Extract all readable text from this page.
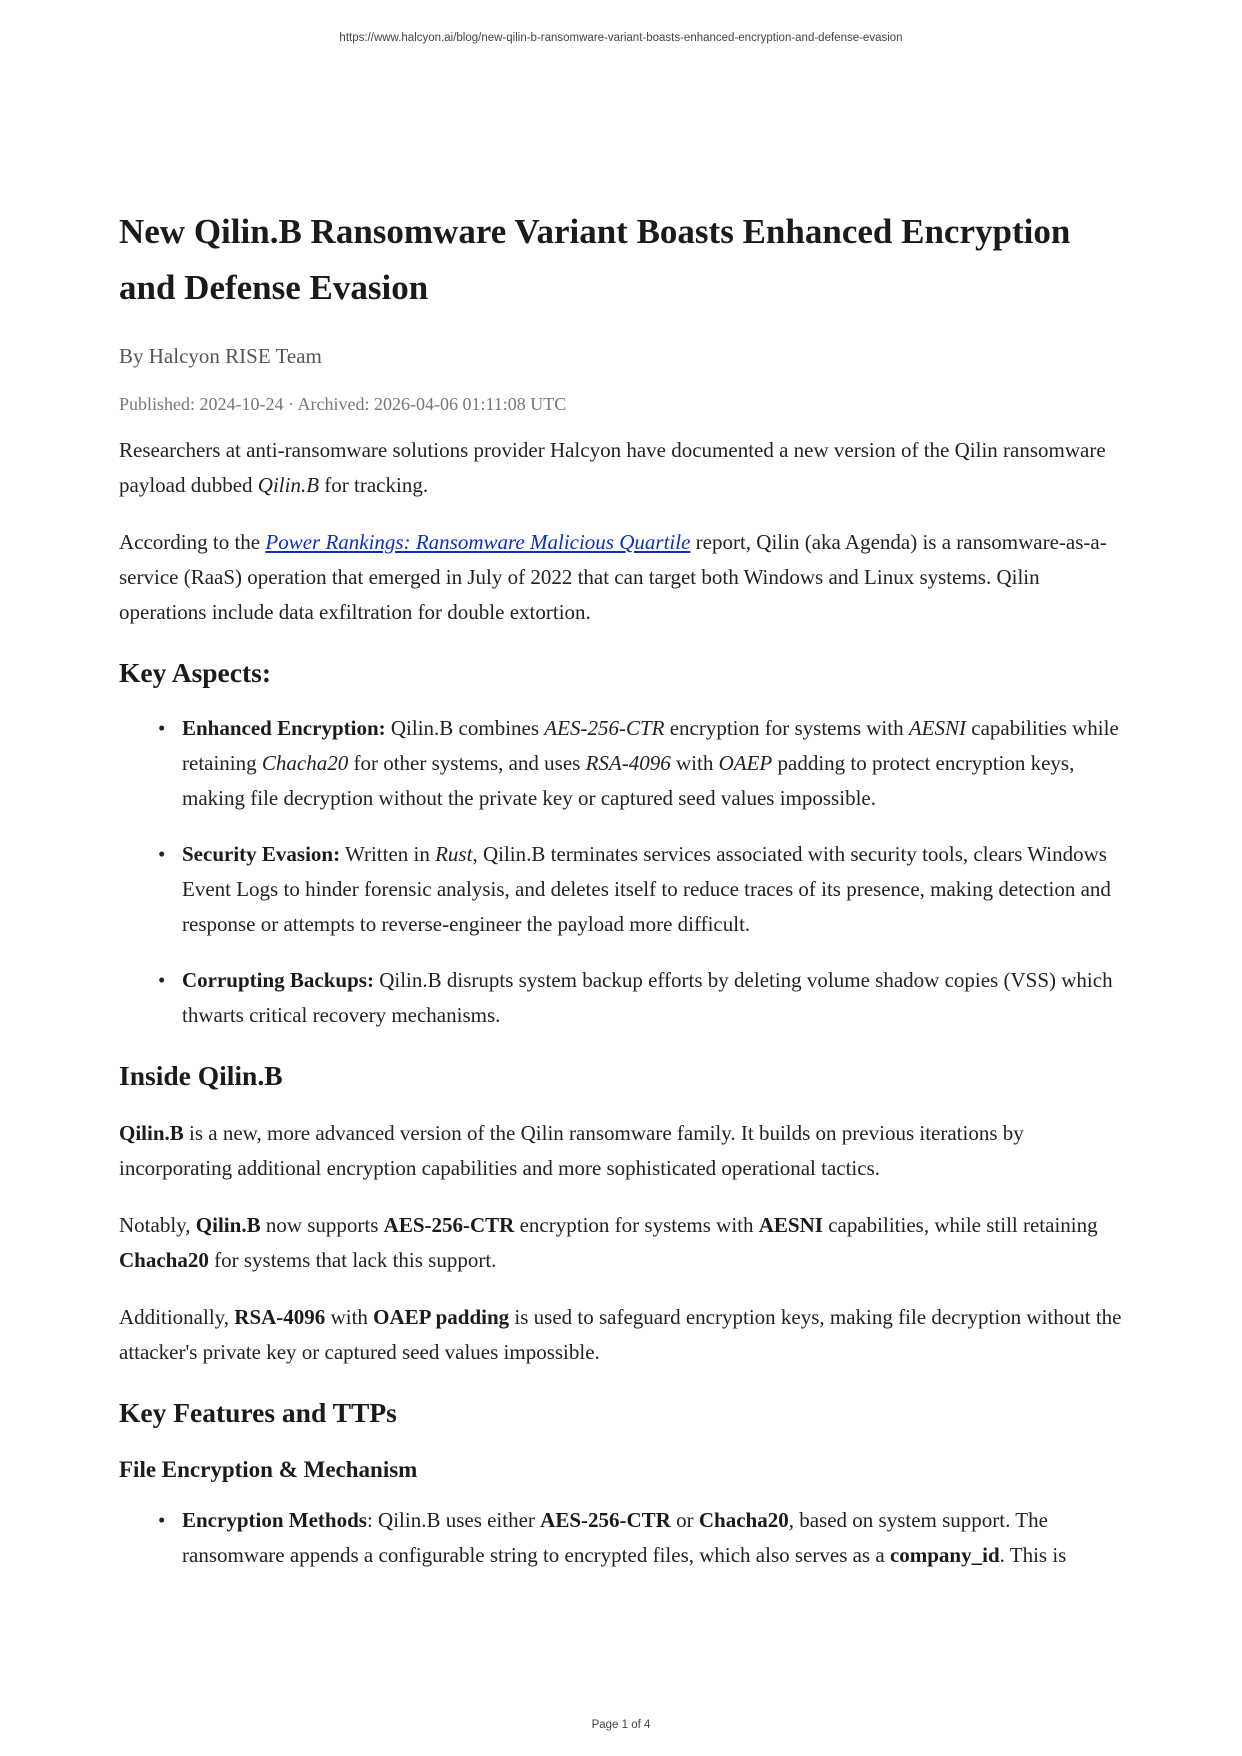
https://www.halcyon.ai/blog/new-qilin-b-ransomware-variant-boasts-enhanced-encryption-and-defense-evasion
New Qilin.B Ransomware Variant Boasts Enhanced Encryption and Defense Evasion
By Halcyon RISE Team
Published: 2024-10-24 · Archived: 2026-04-06 01:11:08 UTC

Researchers at anti-ransomware solutions provider Halcyon have documented a new version of the Qilin ransomware payload dubbed Qilin.B for tracking.

According to the Power Rankings: Ransomware Malicious Quartile report, Qilin (aka Agenda) is a ransomware-as-a-service (RaaS) operation that emerged in July of 2022 that can target both Windows and Linux systems. Qilin operations include data exfiltration for double extortion.

Key Aspects:
• Enhanced Encryption: Qilin.B combines AES-256-CTR encryption for systems with AESNI capabilities while retaining Chacha20 for other systems, and uses RSA-4096 with OAEP padding to protect encryption keys, making file decryption without the private key or captured seed values impossible.
• Security Evasion: Written in Rust, Qilin.B terminates services associated with security tools, clears Windows Event Logs to hinder forensic analysis, and deletes itself to reduce traces of its presence, making detection and response or attempts to reverse-engineer the payload more difficult.
• Corrupting Backups: Qilin.B disrupts system backup efforts by deleting volume shadow copies (VSS) which thwarts critical recovery mechanisms.
Inside Qilin.B

Qilin.B is a new, more advanced version of the Qilin ransomware family. It builds on previous iterations by incorporating additional encryption capabilities and more sophisticated operational tactics.

Notably, Qilin.B now supports AES-256-CTR encryption for systems with AESNI capabilities, while still retaining Chacha20 for systems that lack this support.

Additionally, RSA-4096 with OAEP padding is used to safeguard encryption keys, making file decryption without the attacker's private key or captured seed values impossible.

Key Features and TTPs
File Encryption & Mechanism
• Encryption Methods: Qilin.B uses either AES-256-CTR or Chacha20, based on system support. The ransomware appends a configurable string to encrypted files, which also serves as a company_id. This is
Page 1 of 4
